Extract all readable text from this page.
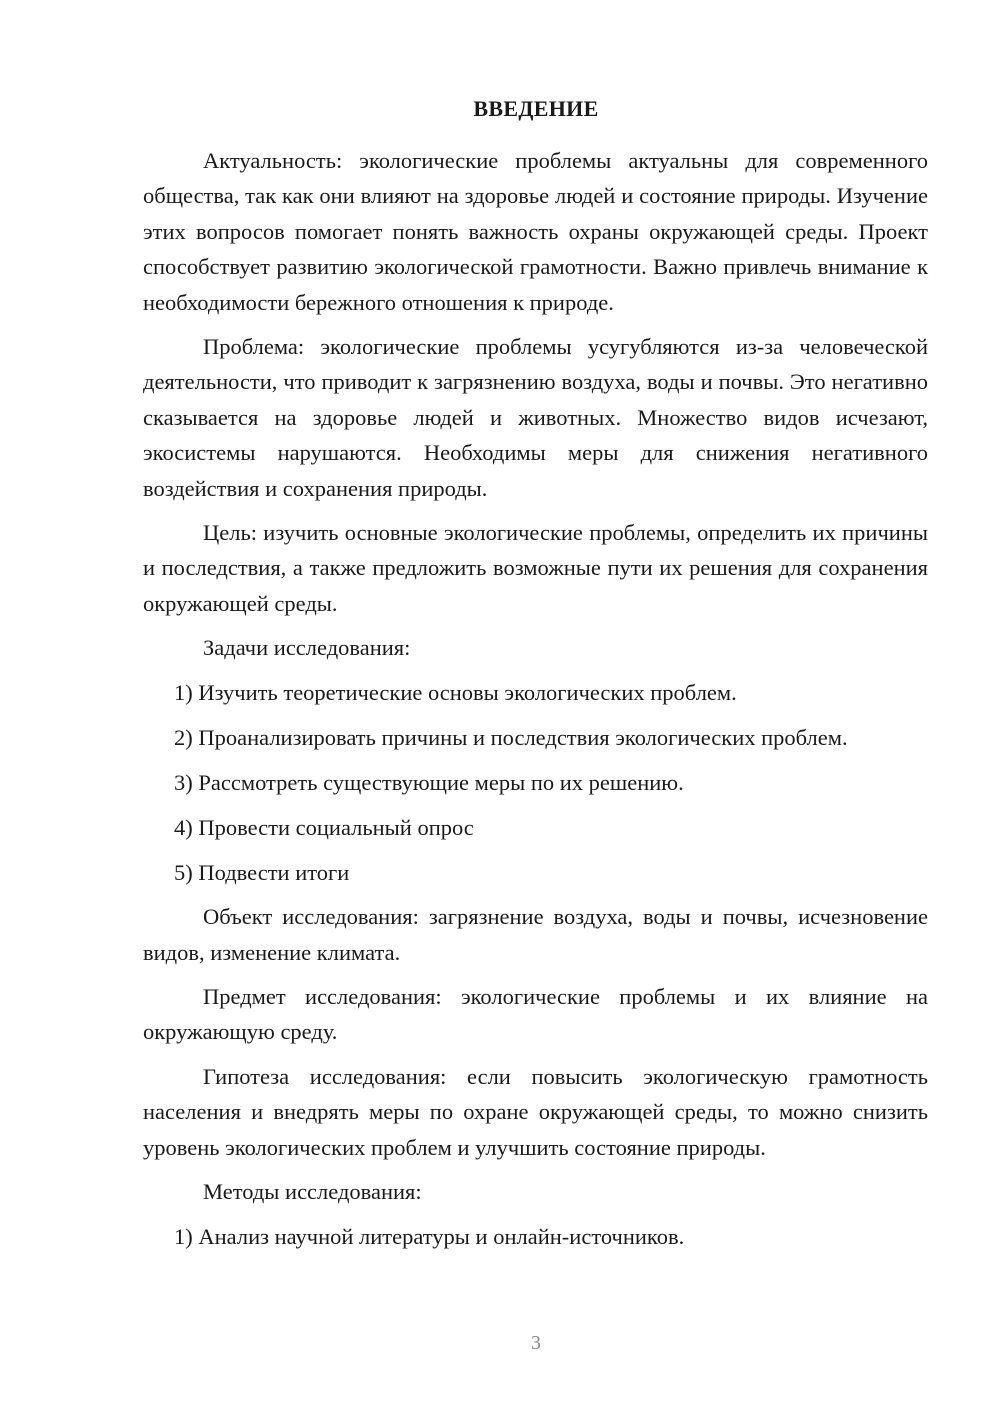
ВВЕДЕНИЕ

Актуальность: экологические проблемы актуальны для современного общества, так как они влияют на здоровье людей и состояние природы. Изучение этих вопросов помогает понять важность охраны окружающей среды. Проект способствует развитию экологической грамотности. Важно привлечь внимание к необходимости бережного отношения к природе.

Проблема: экологические проблемы усугубляются из-за человеческой деятельности, что приводит к загрязнению воздуха, воды и почвы. Это негативно сказывается на здоровье людей и животных. Множество видов исчезают, экосистемы нарушаются. Необходимы меры для снижения негативного воздействия и сохранения природы.

Цель: изучить основные экологические проблемы, определить их причины и последствия, а также предложить возможные пути их решения для сохранения окружающей среды.

Задачи исследования:

1) Изучить теоретические основы экологических проблем.

2) Проанализировать причины и последствия экологических проблем.

3) Рассмотреть существующие меры по их решению.

4) Провести социальный опрос

5) Подвести итоги

Объект исследования: загрязнение воздуха, воды и почвы, исчезновение видов, изменение климата.

Предмет исследования: экологические проблемы и их влияние на окружающую среду.

Гипотеза исследования: если повысить экологическую грамотность населения и внедрять меры по охране окружающей среды, то можно снизить уровень экологических проблем и улучшить состояние природы.

Методы исследования:

1) Анализ научной литературы и онлайн-источников.

3
